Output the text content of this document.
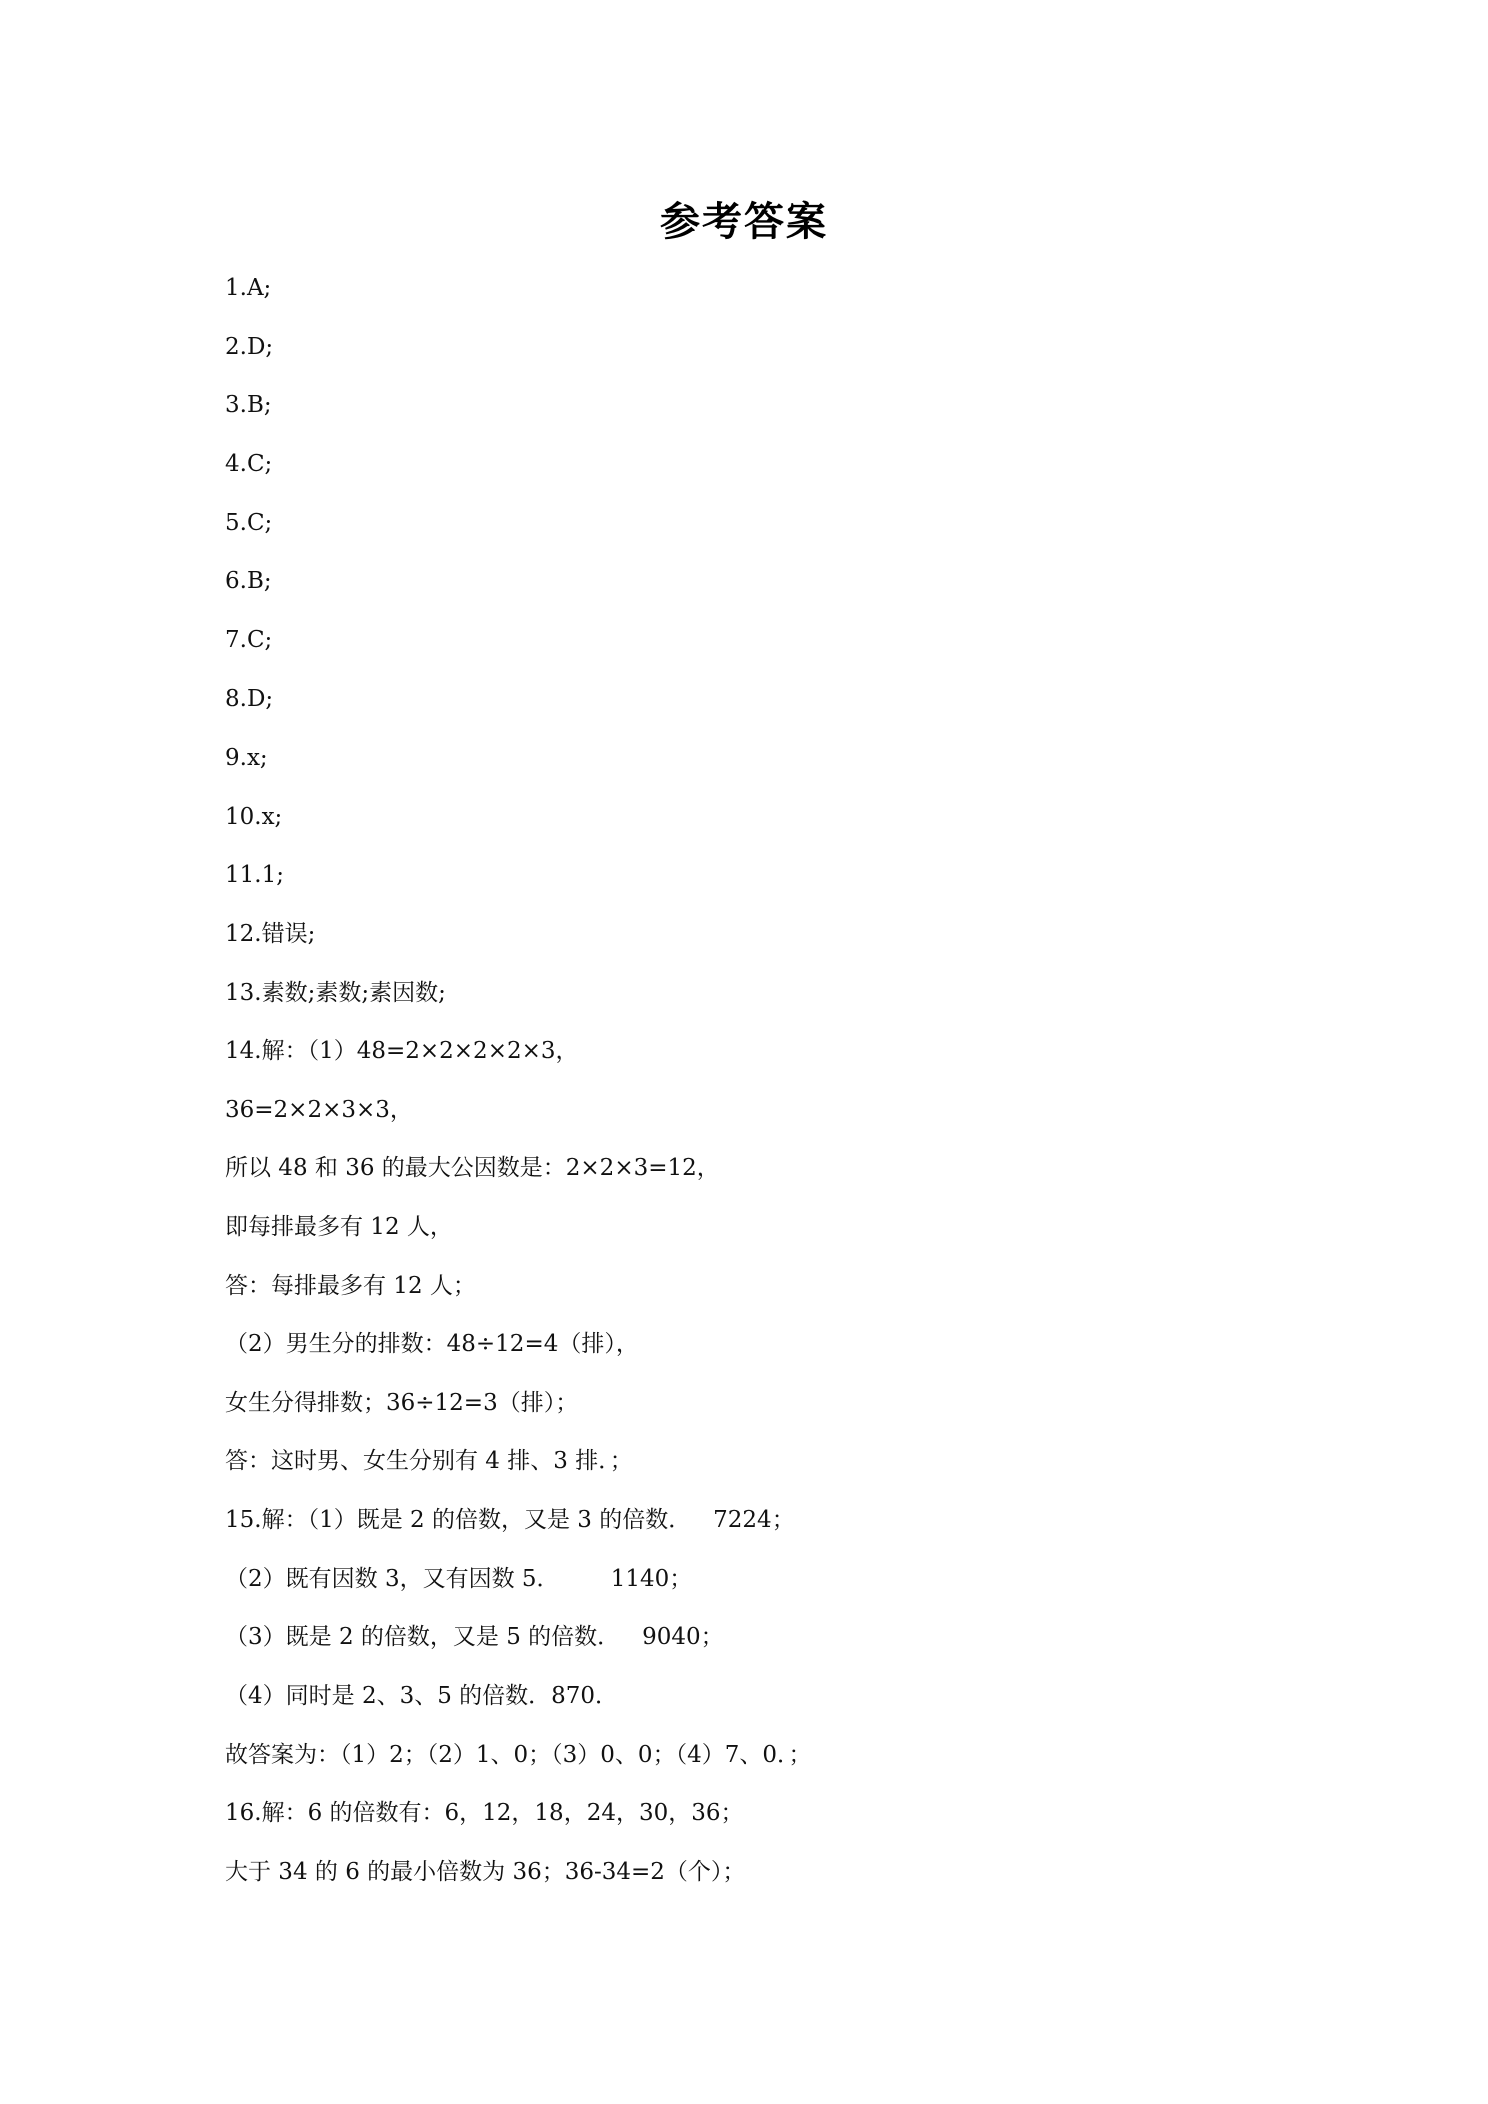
参考答案
1.A;
2.D;
3.B;
4.C;
5.C;
6.B;
7.C;
8.D;
9.x;
10.x;
11.1;
12.错误;
13.素数;素数;素因数;
14.解：（1）48=2×2×2×2×3，
36=2×2×3×3，
所以 48 和 36 的最大公因数是：2×2×3=12，
即每排最多有 12 人，
答：每排最多有 12 人；
（2）男生分的排数：48÷12=4（排），
女生分得排数；36÷12=3（排）；
答：这时男、女生分别有 4 排、3 排．；
15.解：（1）既是 2 的倍数，又是 3 的倍数．   7224；
（2）既有因数 3，又有因数 5．       1140；
（3）既是 2 的倍数，又是 5 的倍数．   9040；
（4）同时是 2、3、5 的倍数．870．
故答案为：（1）2；（2）1、0；（3）0、0；（4）7、0．；
16.解：6 的倍数有：6，12，18，24，30，36；
大于 34 的 6 的最小倍数为 36；36-34=2（个）；
